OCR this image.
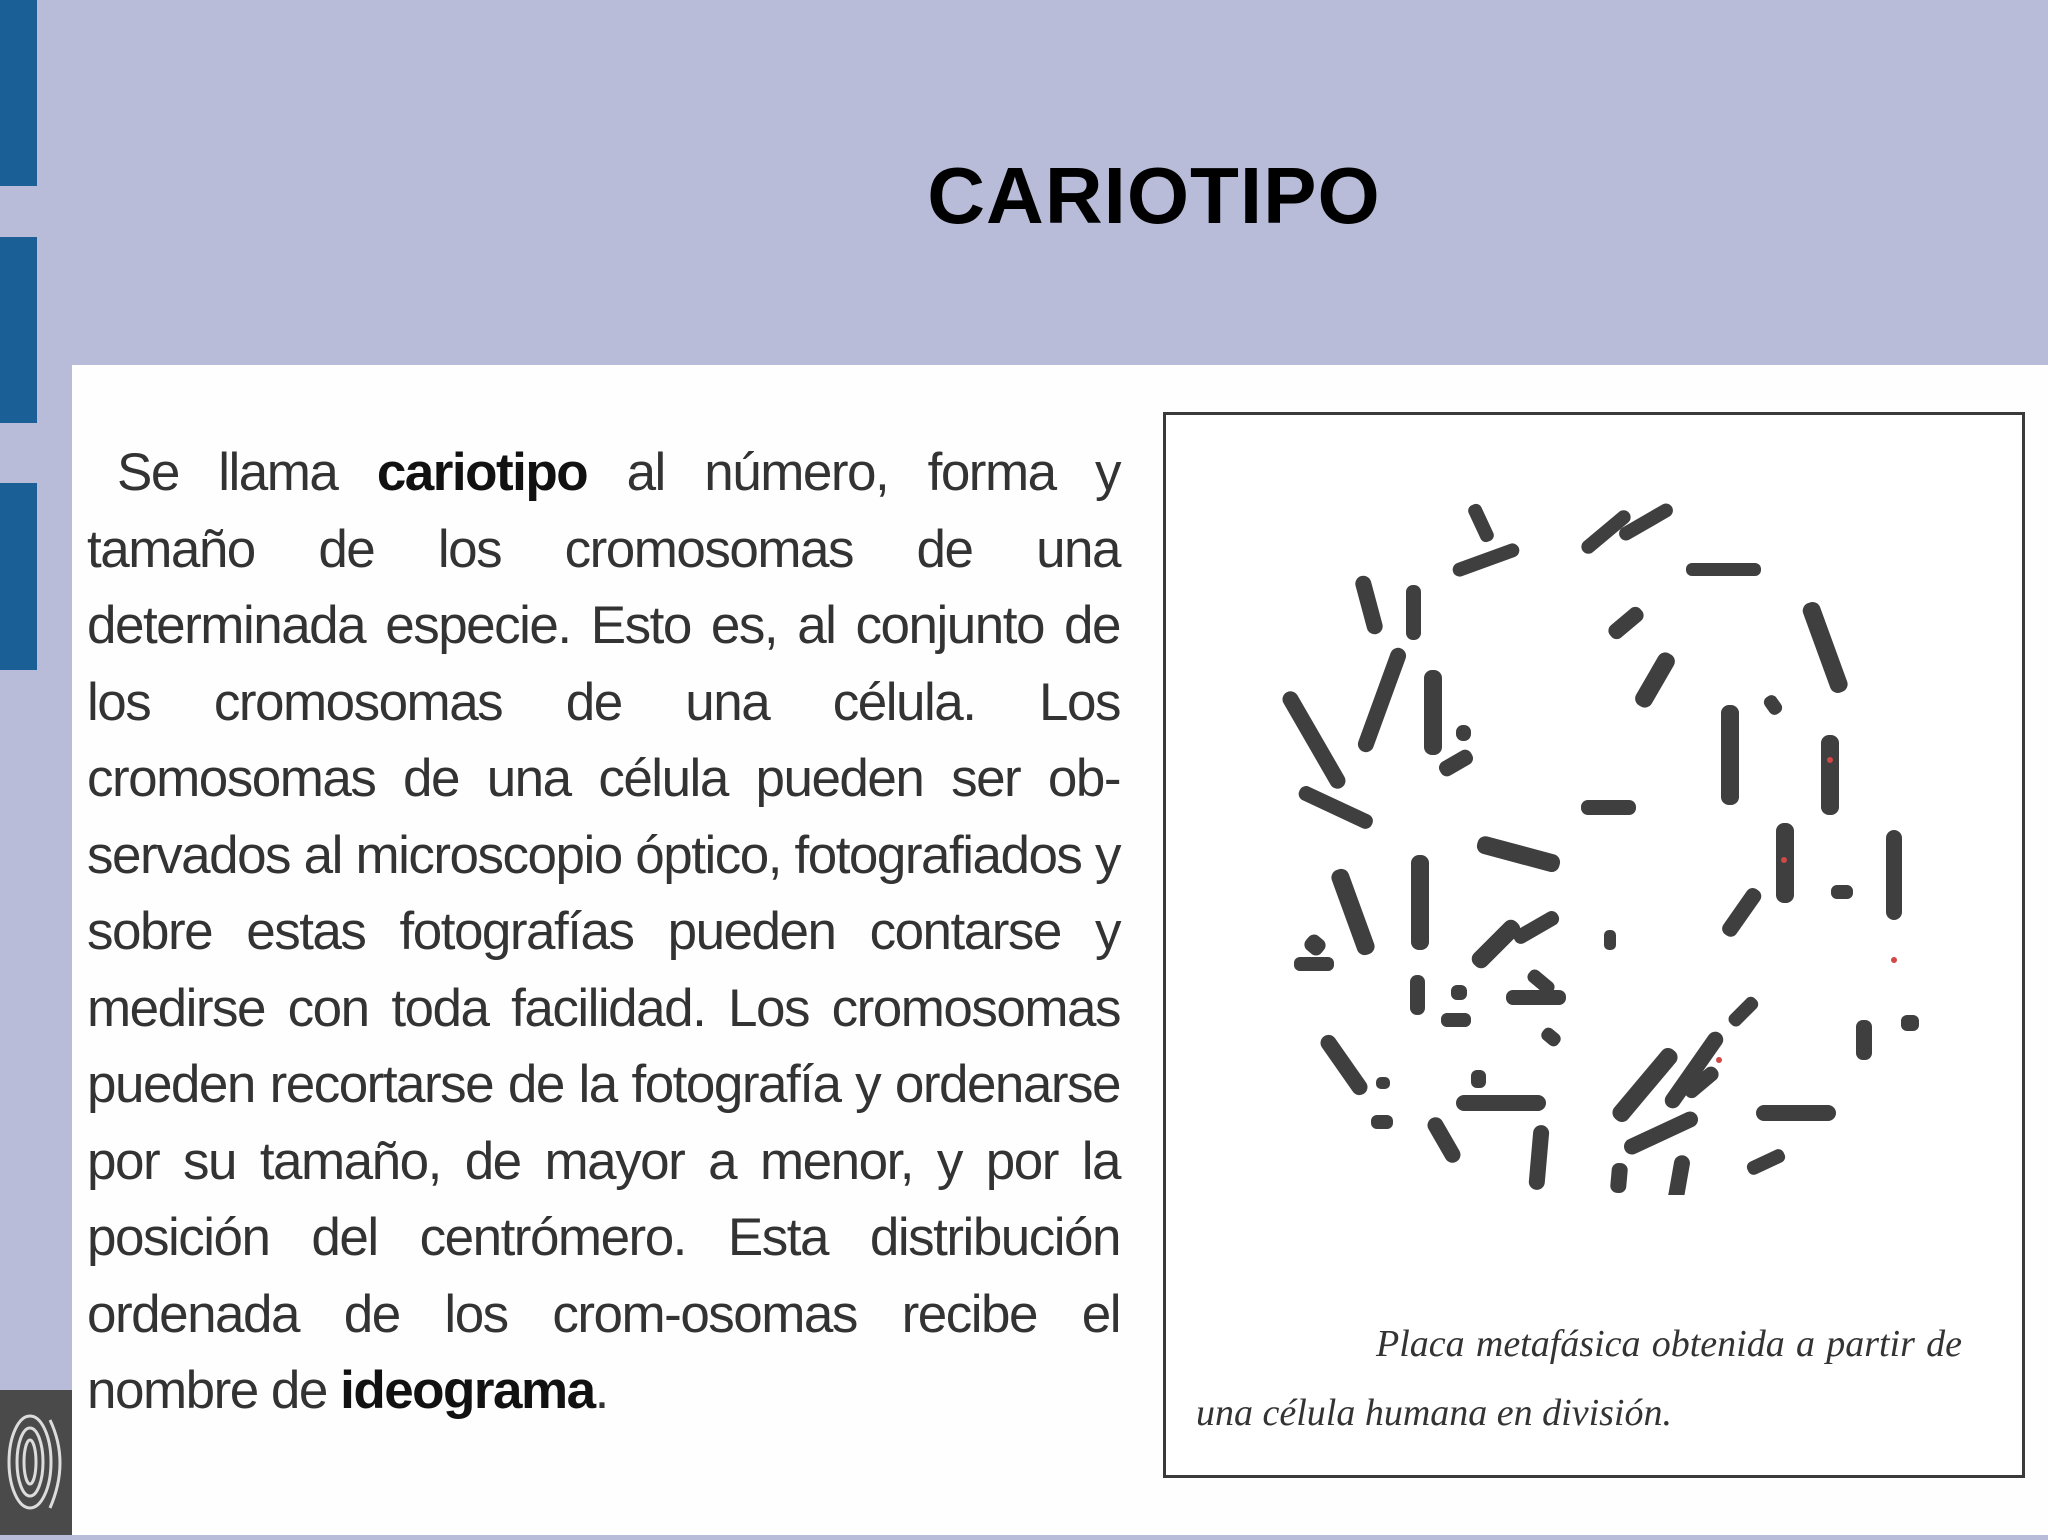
CARIOTIPO

Se llama cariotipo al número, forma y tamaño de los cromosomas de una determinada especie. Esto es, al conjunto de los cromosomas de una célula. Los cromosomas de una célula pueden ser ob-servados al microscopio óptico, fotografiados y sobre estas fotografías pueden contarse y medirse con toda facilidad. Los cromosomas pueden recortarse de la fotografía y ordenarse por su tamaño, de mayor a menor, y por la posición del centrómero. Esta distribución ordenada de los crom-osomas recibe el nombre de ideograma.

Placa metafásica obtenida a partir de una célula humana en división.
